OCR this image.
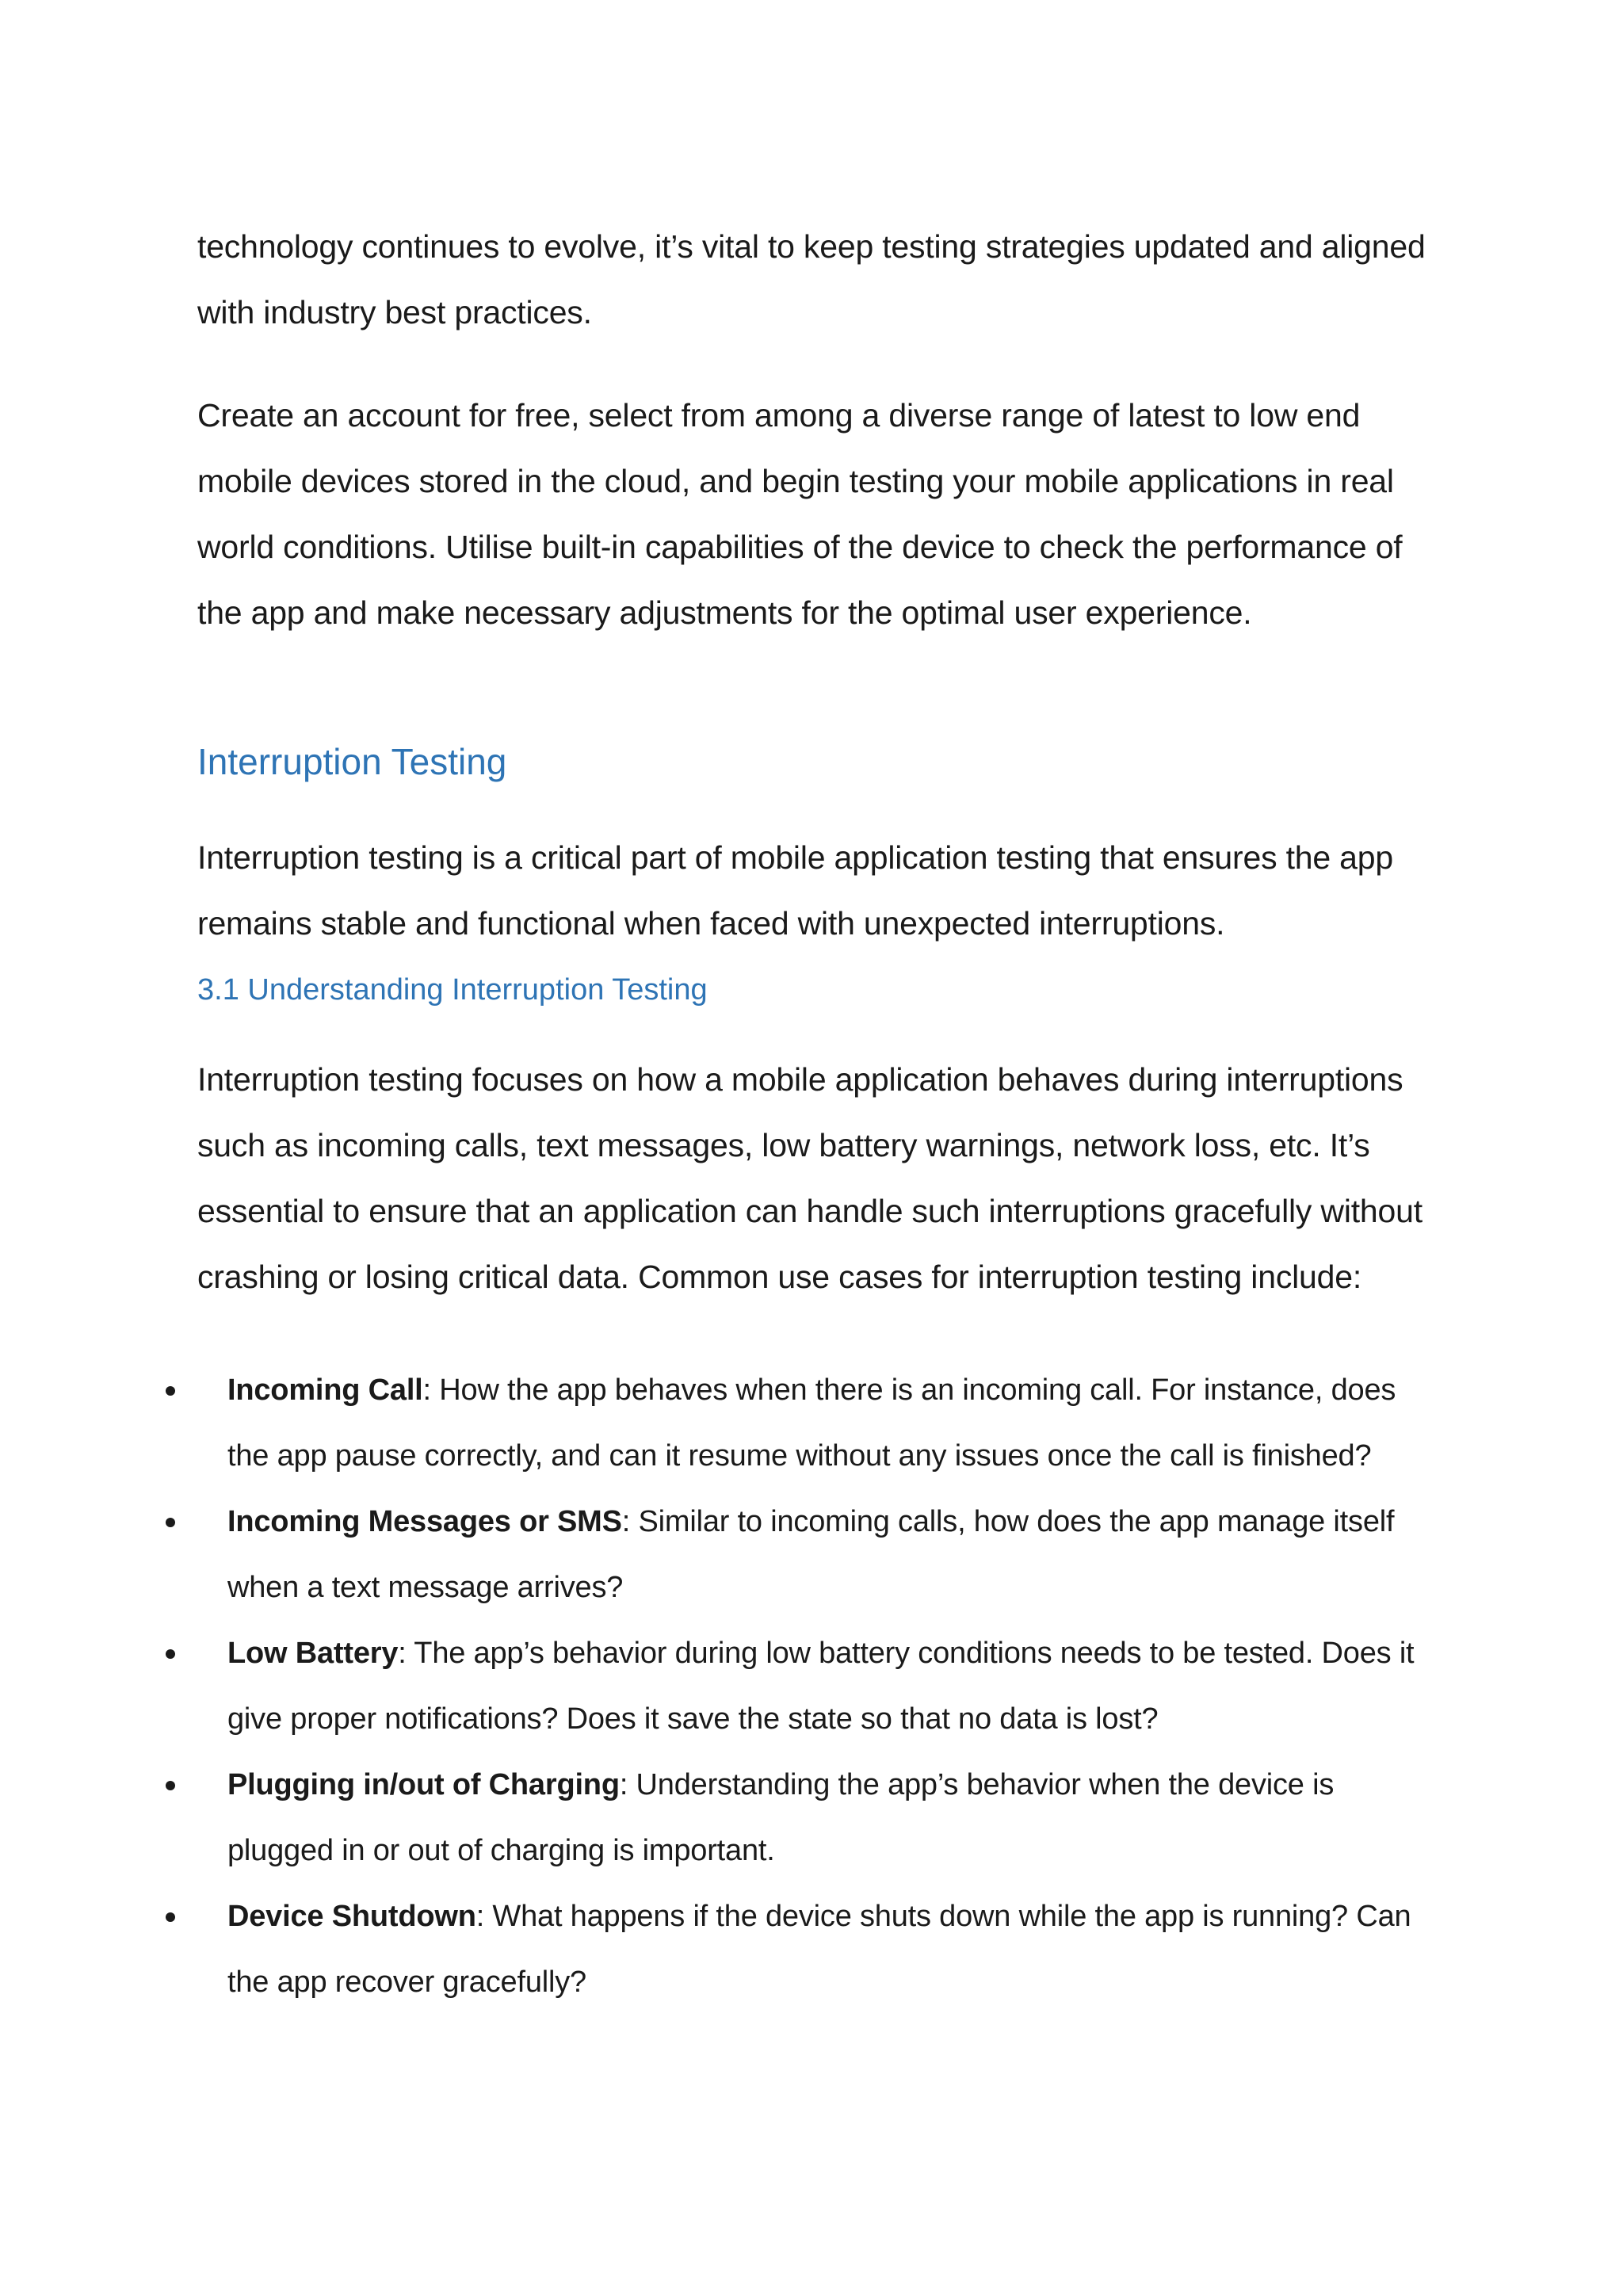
technology continues to evolve, it’s vital to keep testing strategies updated and aligned with industry best practices.

Create an account for free, select from among a diverse range of latest to low end mobile devices stored in the cloud, and begin testing your mobile applications in real world conditions. Utilise built-in capabilities of the device to check the performance of the app and make necessary adjustments for the optimal user experience.

Interruption Testing

Interruption testing is a critical part of mobile application testing that ensures the app remains stable and functional when faced with unexpected interruptions.

3.1 Understanding Interruption Testing

Interruption testing focuses on how a mobile application behaves during interruptions such as incoming calls, text messages, low battery warnings, network loss, etc. It’s essential to ensure that an application can handle such interruptions gracefully without crashing or losing critical data. Common use cases for interruption testing include:

Incoming Call: How the app behaves when there is an incoming call. For instance, does the app pause correctly, and can it resume without any issues once the call is finished?
Incoming Messages or SMS: Similar to incoming calls, how does the app manage itself when a text message arrives?
Low Battery: The app’s behavior during low battery conditions needs to be tested. Does it give proper notifications? Does it save the state so that no data is lost?
Plugging in/out of Charging: Understanding the app’s behavior when the device is plugged in or out of charging is important.
Device Shutdown: What happens if the device shuts down while the app is running? Can the app recover gracefully?
